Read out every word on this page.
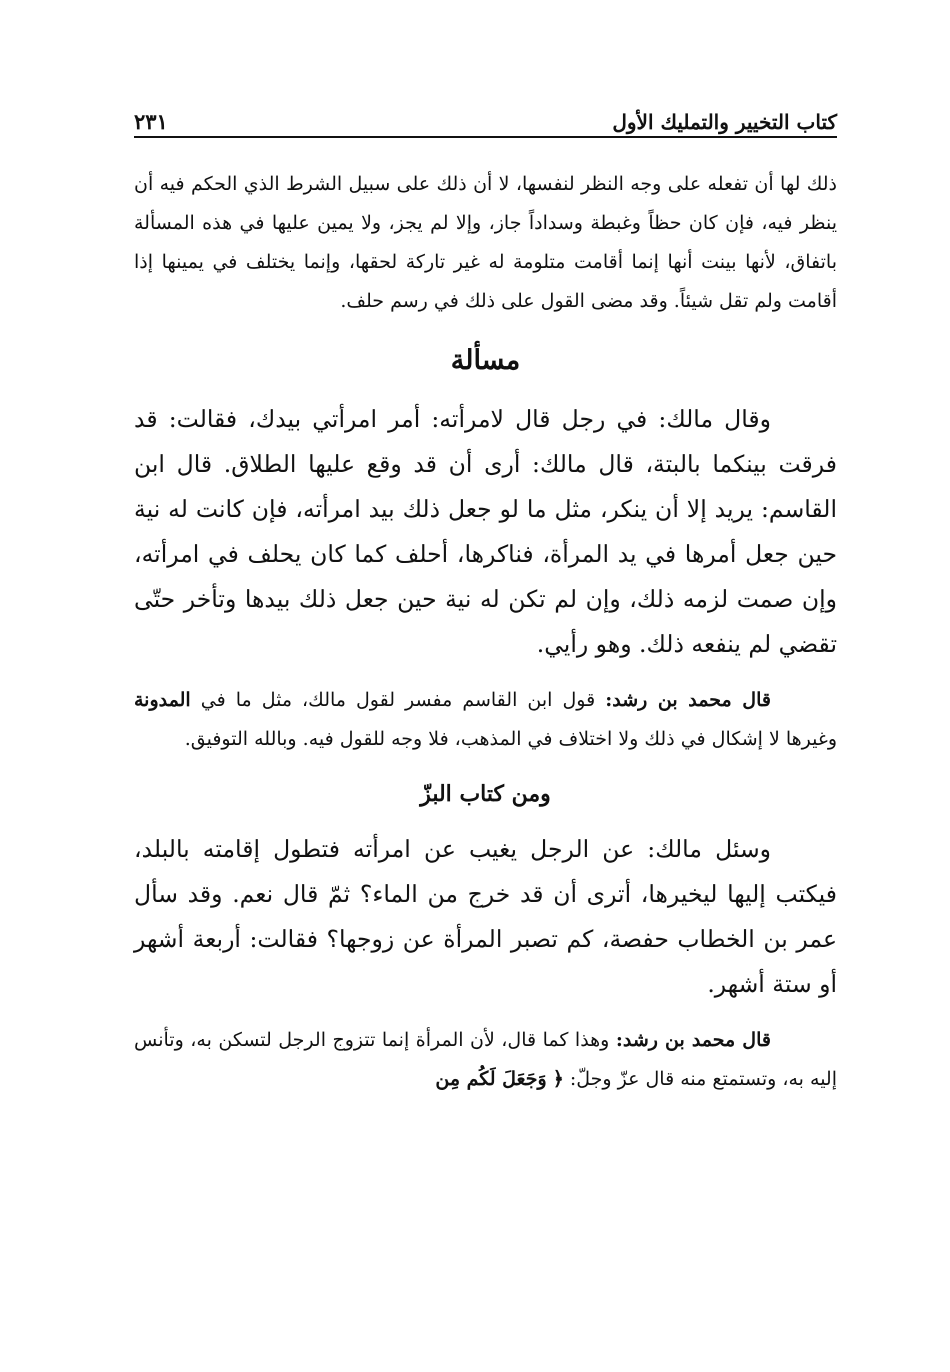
٢٣١	كتاب التخيير والتمليك الأول

ذلك لها أن تفعله على وجه النظر لنفسها، لا أن ذلك على سبيل الشرط الذي الحكم فيه أن ينظر فيه، فإن كان حظاً وغبطة وسداداً جاز، وإلا لم يجز، ولا يمين عليها في هذه المسألة باتفاق، لأنها بينت أنها إنما أقامت متلومة له غير تاركة لحقها، وإنما يختلف في يمينها إذا أقامت ولم تقل شيئاً. وقد مضى القول على ذلك في رسم حلف.

مسألة

وقال مالك: في رجل قال لامرأته: أمر امرأتي بيدك، فقالت: قد فرقت بينكما بالبتة، قال مالك: أرى أن قد وقع عليها الطلاق. قال ابن القاسم: يريد إلا أن ينكر، مثل ما لو جعل ذلك بيد امرأته، فإن كانت له نية حين جعل أمرها في يد المرأة، فناكرها، أحلف كما كان يحلف في امرأته، وإن صمت لزمه ذلك، وإن لم تكن له نية حين جعل ذلك بيدها وتأخر حتّى تقضي لم ينفعه ذلك. وهو رأيي.

قال محمد بن رشد: قول ابن القاسم مفسر لقول مالك، مثل ما في المدونة وغيرها لا إشكال في ذلك ولا اختلاف في المذهب، فلا وجه للقول فيه. وبالله التوفيق.

ومن كتاب البزّ

وسئل مالك: عن الرجل يغيب عن امرأته فتطول إقامته بالبلد، فيكتب إليها ليخيرها، أترى أن قد خرج من الماء؟ ثمّ قال نعم. وقد سأل عمر بن الخطاب حفصة، كم تصبر المرأة عن زوجها؟ فقالت: أربعة أشهر أو ستة أشهر.

قال محمد بن رشد: وهذا كما قال، لأن المرأة إنما تتزوج الرجل لتسكن به، وتأنس إليه به، وتستمتع منه قال عزّ وجلّ: ﴿ وَجَعَلَ لَكُم مِن
